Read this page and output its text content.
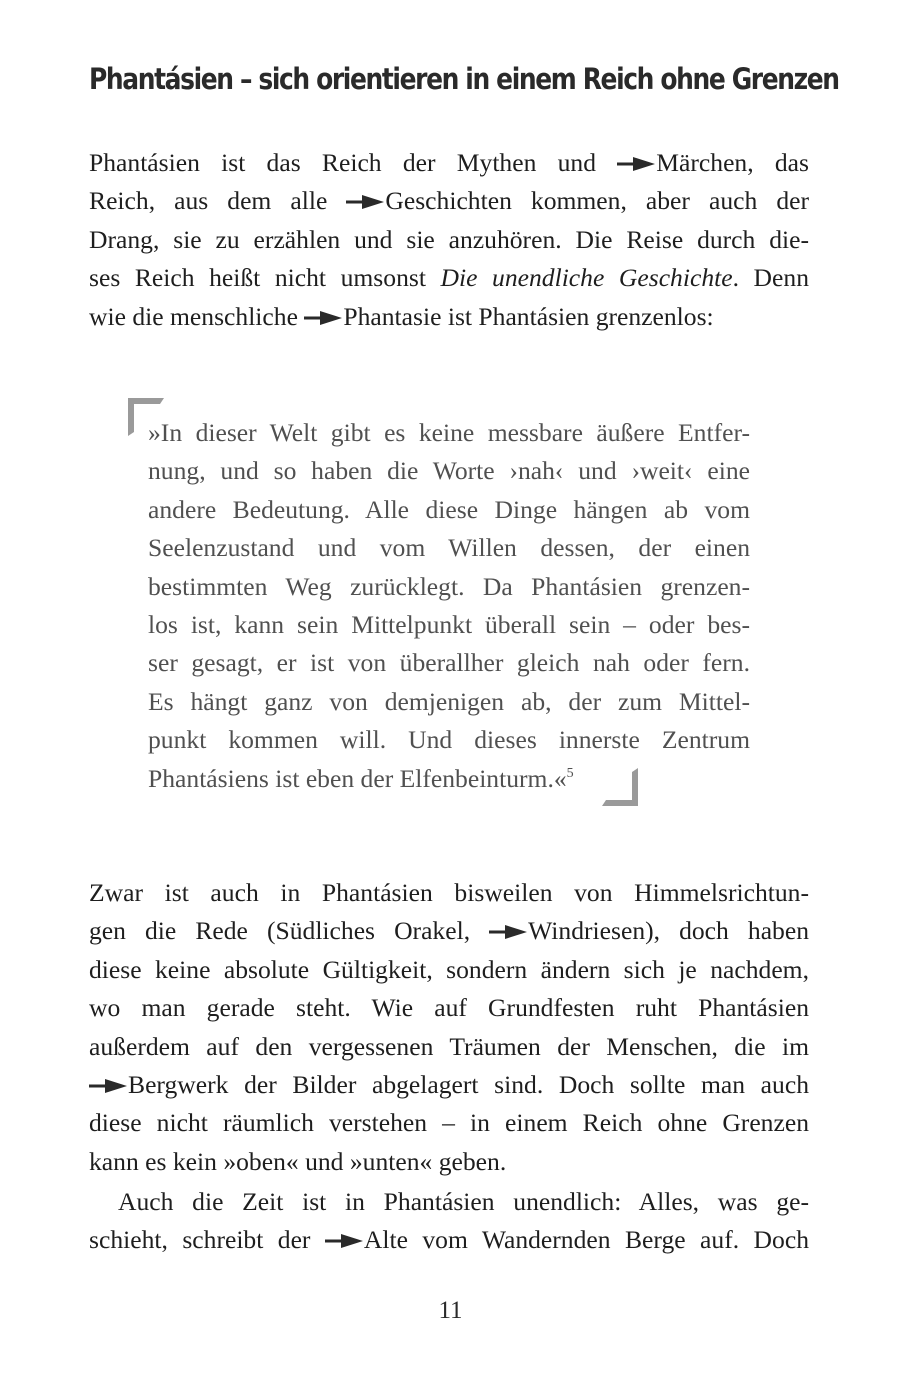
Phantásien – sich orientieren in einem Reich ohne Grenzen
Phantásien ist das Reich der Mythen und Märchen, das
Reich, aus dem alle Geschichten kommen, aber auch der
Drang, sie zu erzählen und sie anzuhören. Die Reise durch die-
ses Reich heißt nicht umsonst Die unendliche Geschichte. Denn
wie die menschliche Phantasie ist Phantásien grenzenlos:
»In dieser Welt gibt es keine messbare äußere Entfer-
nung, und so haben die Worte ›nah‹ und ›weit‹ eine
andere Bedeutung. Alle diese Dinge hängen ab vom
Seelenzustand und vom Willen dessen, der einen
bestimmten Weg zurücklegt. Da Phantásien grenzen-
los ist, kann sein Mittelpunkt überall sein – oder bes-
ser gesagt, er ist von überallher gleich nah oder fern.
Es hängt ganz von demjenigen ab, der zum Mittel-
punkt kommen will. Und dieses innerste Zentrum
Phantásiens ist eben der Elfenbeinturm.«$^5$
Zwar ist auch in Phantásien bisweilen von Himmelsrichtun-
gen die Rede (Südliches Orakel, Windriesen), doch haben
diese keine absolute Gültigkeit, sondern ändern sich je nachdem,
wo man gerade steht. Wie auf Grundfesten ruht Phantásien
außerdem auf den vergessenen Träumen der Menschen, die im
Bergwerk der Bilder abgelagert sind. Doch sollte man auch
diese nicht räumlich verstehen – in einem Reich ohne Grenzen
kann es kein »oben« und »unten« geben.
Auch die Zeit ist in Phantásien unendlich: Alles, was ge-
schieht, schreibt der Alte vom Wandernden Berge auf. Doch
11
